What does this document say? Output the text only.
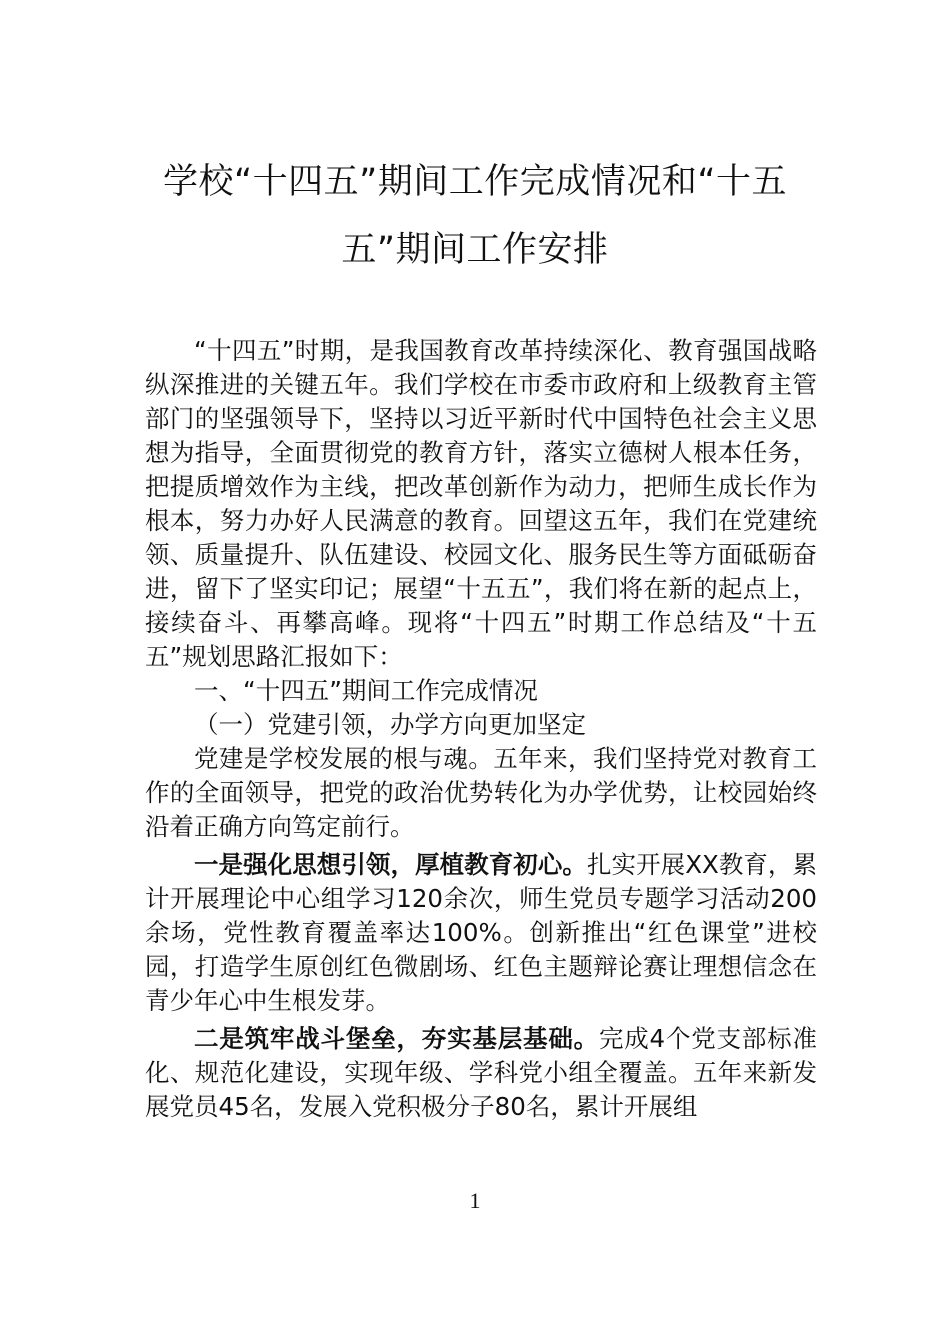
学校“十四五”期间工作完成情况和“十五五”期间工作安排

“十四五”时期，是我国教育改革持续深化、教育强国战略纵深推进的关键五年。我们学校在市委市政府和上级教育主管部门的坚强领导下，坚持以习近平新时代中国特色社会主义思想为指导，全面贯彻党的教育方针，落实立德树人根本任务，把提质增效作为主线，把改革创新作为动力，把师生成长作为根本，努力办好人民满意的教育。回望这五年，我们在党建统领、质量提升、队伍建设、校园文化、服务民生等方面砥砺奋进，留下了坚实印记；展望“十五五”，我们将在新的起点上，接续奋斗、再攀高峰。现将“十四五”时期工作总结及“十五五”规划思路汇报如下：

一、“十四五”期间工作完成情况

（一）党建引领，办学方向更加坚定

党建是学校发展的根与魂。五年来，我们坚持党对教育工作的全面领导，把党的政治优势转化为办学优势，让校园始终沿着正确方向笃定前行。

一是强化思想引领，厚植教育初心。扎实开展XX教育，累计开展理论中心组学习120余次，师生党员专题学习活动200余场，党性教育覆盖率达100%。创新推出“红色课堂”进校园，打造学生原创红色微剧场、红色主题辩论赛让理想信念在青少年心中生根发芽。

二是筑牢战斗堡垒，夯实基层基础。完成4个党支部标准化、规范化建设，实现年级、学科党小组全覆盖。五年来新发展党员45名，发展入党积极分子80名，累计开展组

1
